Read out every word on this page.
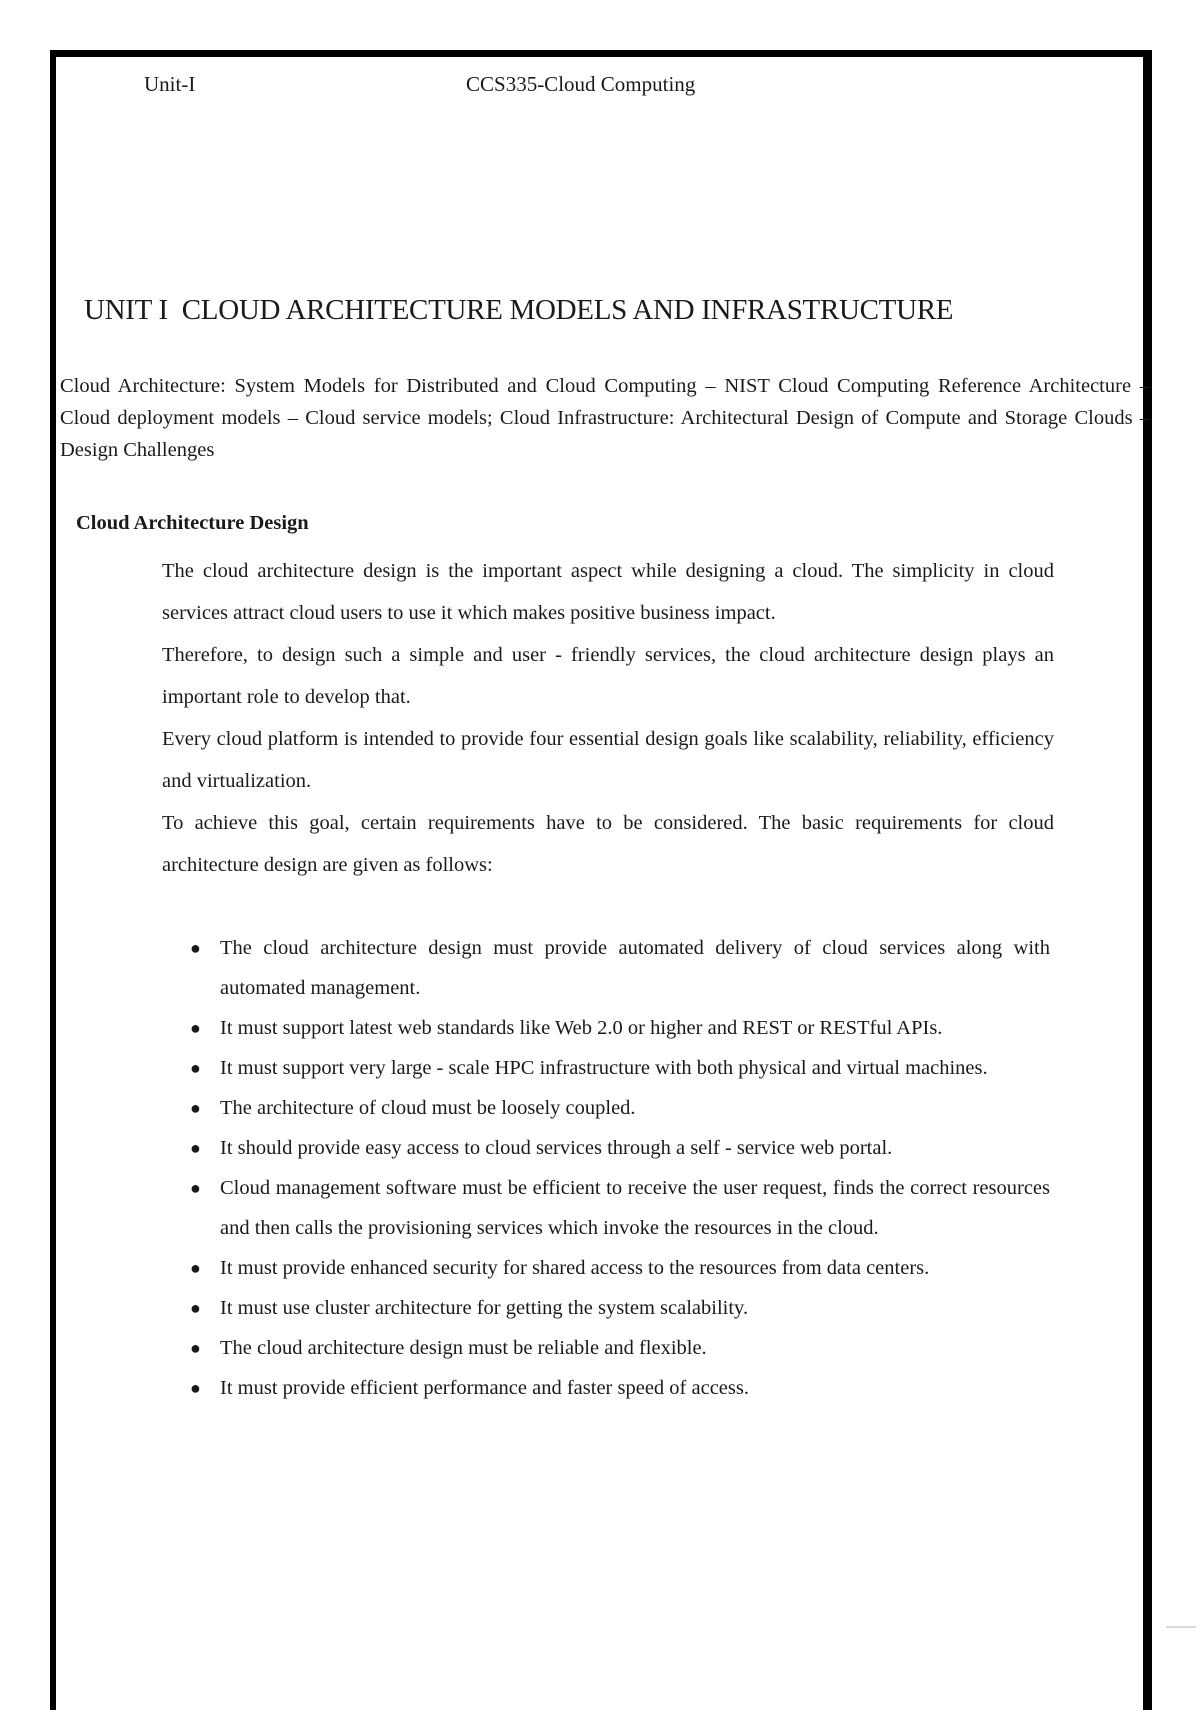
Unit-I	CCS335-Cloud Computing
UNIT I  CLOUD ARCHITECTURE MODELS AND INFRASTRUCTURE
Cloud Architecture: System Models for Distributed and Cloud Computing – NIST Cloud Computing Reference Architecture – Cloud deployment models – Cloud service models; Cloud Infrastructure: Architectural Design of Compute and Storage Clouds – Design Challenges
Cloud Architecture Design

The cloud architecture design is the important aspect while designing a cloud. The simplicity in cloud services attract cloud users to use it which makes positive business impact.

Therefore, to design such a simple and user - friendly services, the cloud architecture design plays an important role to develop that.

Every cloud platform is intended to provide four essential design goals like scalability, reliability, efficiency and virtualization.

To achieve this goal, certain requirements have to be considered. The basic requirements for cloud architecture design are given as follows:

● The cloud architecture design must provide automated delivery of cloud services along with automated management.
● It must support latest web standards like Web 2.0 or higher and REST or RESTful APIs.
● It must support very large - scale HPC infrastructure with both physical and virtual machines.
● The architecture of cloud must be loosely coupled.
● It should provide easy access to cloud services through a self - service web portal.
● Cloud management software must be efficient to receive the user request, finds the correct resources and then calls the provisioning services which invoke the resources in the cloud.
● It must provide enhanced security for shared access to the resources from data centers.
● It must use cluster architecture for getting the system scalability.
● The cloud architecture design must be reliable and flexible.
● It must provide efficient performance and faster speed of access.
